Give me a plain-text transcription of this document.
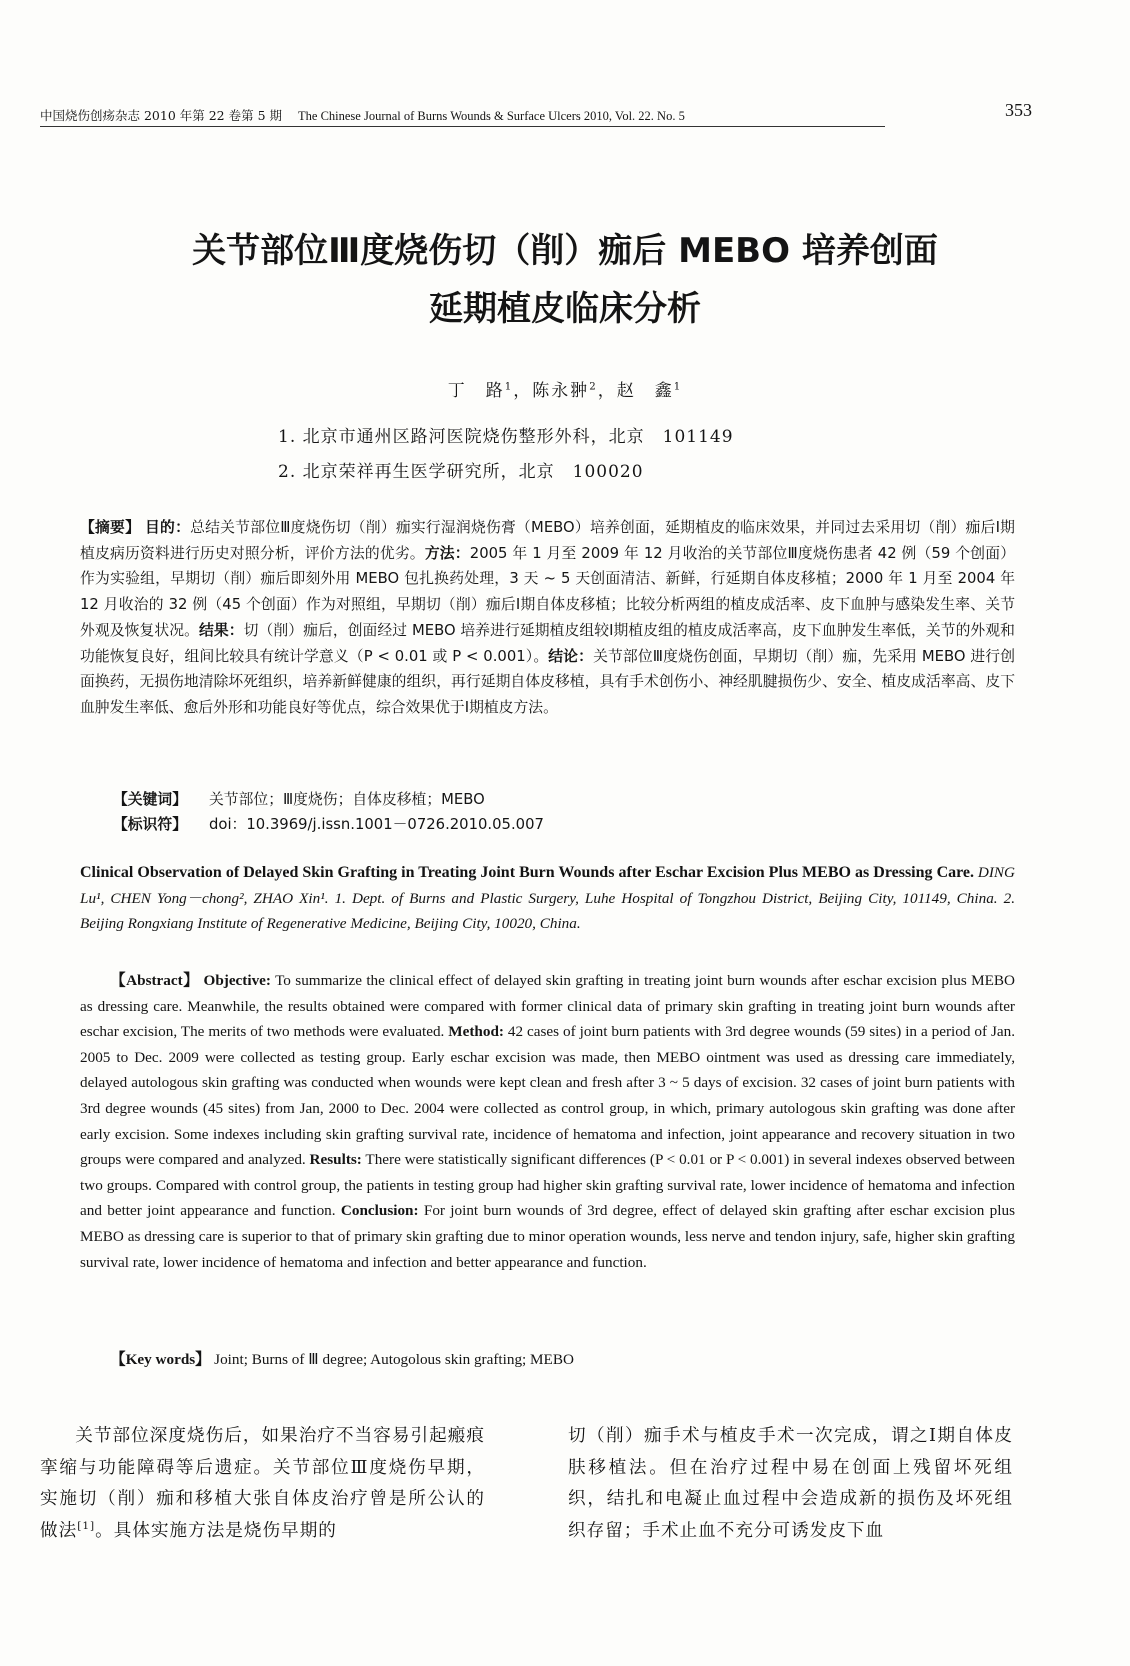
中国烧伤创疡杂志 2010 年第 22 卷第 5 期 The Chinese Journal of Burns Wounds & Surface Ulcers 2010, Vol. 22. No. 5	353
关节部位Ⅲ度烧伤切（削）痂后 MEBO 培养创面
延期植皮临床分析
丁　路$^1$，陈永翀$^2$，赵　鑫$^1$
1. 北京市通州区路河医院烧伤整形外科，北京　101149
2. 北京荣祥再生医学研究所，北京　100020
【摘要】 目的：总结关节部位Ⅲ度烧伤切（削）痂实行湿润烧伤膏（MEBO）培养创面，延期植皮的临床效果，并同过去采用切（削）痂后Ⅰ期植皮病历资料进行历史对照分析，评价方法的优劣。方法：2005 年 1 月至 2009 年 12 月收治的关节部位Ⅲ度烧伤患者 42 例（59 个创面）作为实验组，早期切（削）痂后即刻外用 MEBO 包扎换药处理，3 天 ~ 5 天创面清洁、新鲜，行延期自体皮移植；2000 年 1 月至 2004 年 12 月收治的 32 例（45 个创面）作为对照组，早期切（削）痂后Ⅰ期自体皮移植；比较分析两组的植皮成活率、皮下血肿与感染发生率、关节外观及恢复状况。结果：切（削）痂后，创面经过 MEBO 培养进行延期植皮组较Ⅰ期植皮组的植皮成活率高，皮下血肿发生率低，关节的外观和功能恢复良好，组间比较具有统计学意义（P < 0.01 或 P < 0.001）。结论：关节部位Ⅲ度烧伤创面，早期切（削）痂，先采用 MEBO 进行创面换药，无损伤地清除坏死组织，培养新鲜健康的组织，再行延期自体皮移植，具有手术创伤小、神经肌腱损伤少、安全、植皮成活率高、皮下血肿发生率低、愈后外形和功能良好等优点，综合效果优于Ⅰ期植皮方法。
【关键词】 关节部位；Ⅲ度烧伤；自体皮移植；MEBO
【标识符】 doi：10.3969/j.issn.1001－0726.2010.05.007
Clinical Observation of Delayed Skin Grafting in Treating Joint Burn Wounds after Eschar Excision Plus MEBO as Dressing Care. DING Lu¹, CHEN Yong－chong², ZHAO Xin¹. 1. Dept. of Burns and Plastic Surgery, Luhe Hospital of Tongzhou District, Beijing City, 101149, China. 2. Beijing Rongxiang Institute of Regenerative Medicine, Beijing City, 10020, China.
【Abstract】 Objective: To summarize the clinical effect of delayed skin grafting in treating joint burn wounds after eschar excision plus MEBO as dressing care. Meanwhile, the results obtained were compared with former clinical data of primary skin grafting in treating joint burn wounds after eschar excision, The merits of two methods were evaluated. Method: 42 cases of joint burn patients with 3rd degree wounds (59 sites) in a period of Jan. 2005 to Dec. 2009 were collected as testing group. Early eschar excision was made, then MEBO ointment was used as dressing care immediately, delayed autologous skin grafting was conducted when wounds were kept clean and fresh after 3 ~ 5 days of excision. 32 cases of joint burn patients with 3rd degree wounds (45 sites) from Jan, 2000 to Dec. 2004 were collected as control group, in which, primary autologous skin grafting was done after early excision. Some indexes including skin grafting survival rate, incidence of hematoma and infection, joint appearance and recovery situation in two groups were compared and analyzed. Results: There were statistically significant differences (P < 0.01 or P < 0.001) in several indexes observed between two groups. Compared with control group, the patients in testing group had higher skin grafting survival rate, lower incidence of hematoma and infection and better joint appearance and function. Conclusion: For joint burn wounds of 3rd degree, effect of delayed skin grafting after eschar excision plus MEBO as dressing care is superior to that of primary skin grafting due to minor operation wounds, less nerve and tendon injury, safe, higher skin grafting survival rate, lower incidence of hematoma and infection and better appearance and function.
【Key words】 Joint; Burns of Ⅲ degree; Autogolous skin grafting; MEBO
关节部位深度烧伤后，如果治疗不当容易引起瘢痕挛缩与功能障碍等后遗症。关节部位Ⅲ度烧伤早期，实施切（削）痂和移植大张自体皮治疗曾是所公认的做法[1]。具体实施方法是烧伤早期的
切（削）痂手术与植皮手术一次完成，谓之Ⅰ期自体皮肤移植法。但在治疗过程中易在创面上残留坏死组织，结扎和电凝止血过程中会造成新的损伤及坏死组织存留；手术止血不充分可诱发皮下血
